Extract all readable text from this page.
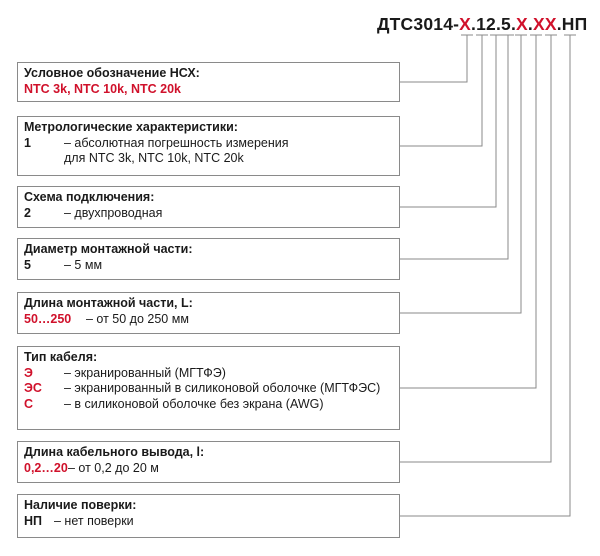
ДТС3014-Х.12.5.Х.ХХ.НП
Условное обозначение НСХ:
NTC 3k, NTC 10k, NTC 20k
Метрологические характеристики:
1	– абсолютная погрешность измерения
для NTC 3k, NTC 10k, NTC 20k
Схема подключения:
2	– двухпроводная
Диаметр монтажной части:
5	– 5 мм
Длина монтажной части, L:
50…250 – от 50 до 250 мм
Тип кабеля:
Э – экранированный (МГТФЭ)
ЭС – экранированный в силиконовой оболочке (МГТФЭС)
С – в силиконовой оболочке без экрана (AWG)
Длина кабельного вывода, l:
0,2…20– от 0,2 до 20 м
Наличие поверки:
НП – нет поверки
